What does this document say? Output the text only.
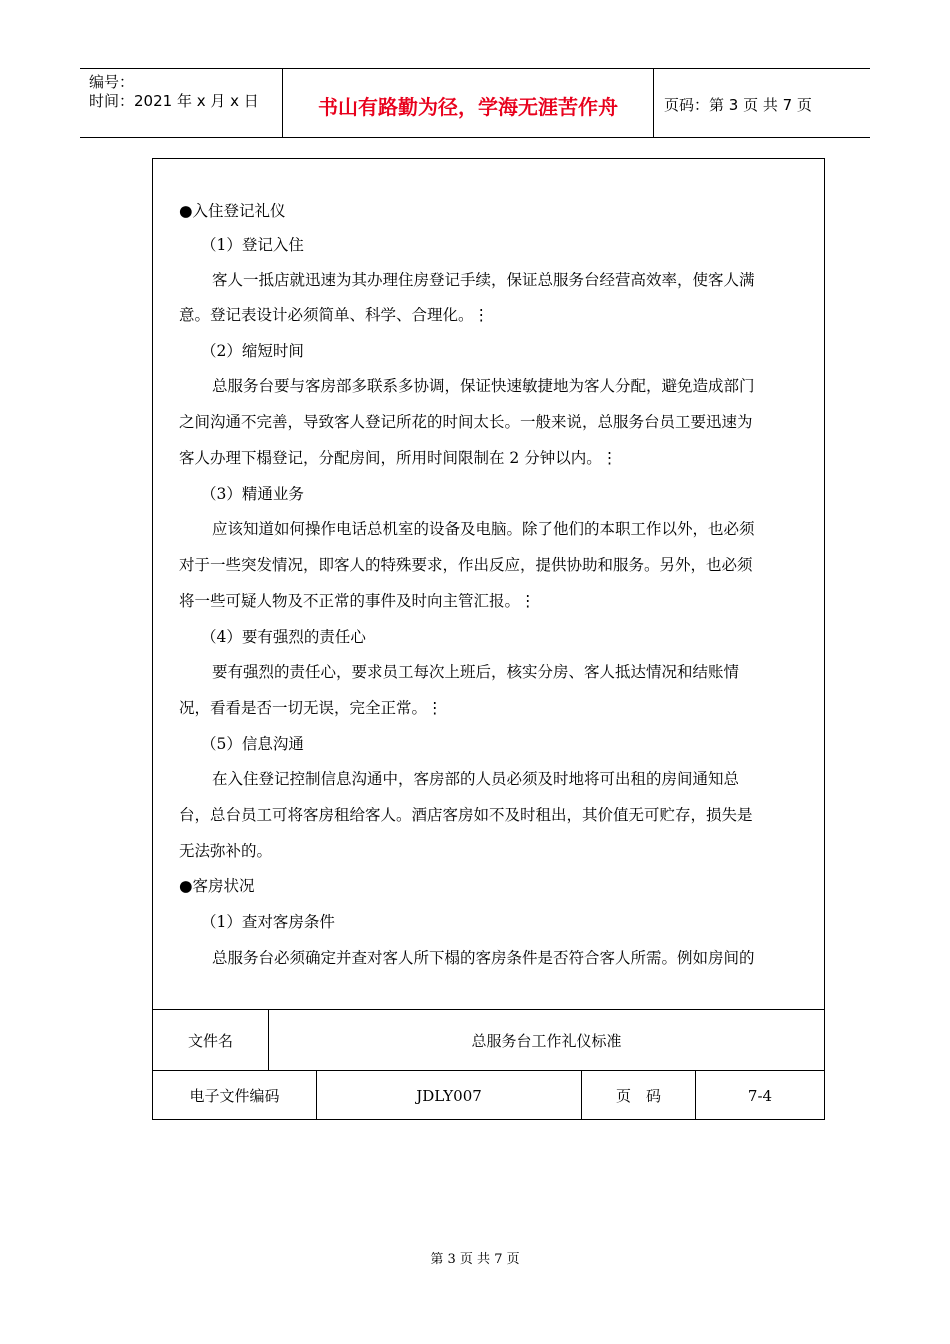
编号：
时间：2021 年 x 月 x 日	书山有路勤为径，学海无涯苦作舟	页码：第 3 页 共 7 页
●入住登记礼仪
（1）登记入住
客人一抵店就迅速为其办理住房登记手续，保证总服务台经营高效率，使客人满
意。登记表设计必须简单、科学、合理化。⋮
（2）缩短时间
总服务台要与客房部多联系多协调，保证快速敏捷地为客人分配，避免造成部门
之间沟通不完善，导致客人登记所花的时间太长。一般来说，总服务台员工要迅速为
客人办理下榻登记，分配房间，所用时间限制在 2 分钟以内。⋮
（3）精通业务
应该知道如何操作电话总机室的设备及电脑。除了他们的本职工作以外，也必须
对于一些突发情况，即客人的特殊要求，作出反应，提供协助和服务。另外，也必须
将一些可疑人物及不正常的事件及时向主管汇报。⋮
（4）要有强烈的责任心
要有强烈的责任心，要求员工每次上班后，核实分房、客人抵达情况和结账情
况，看看是否一切无误，完全正常。⋮
（5）信息沟通
在入住登记控制信息沟通中，客房部的人员必须及时地将可出租的房间通知总
台，总台员工可将客房租给客人。酒店客房如不及时租出，其价值无可贮存，损失是
无法弥补的。
●客房状况
（1）查对客房条件
总服务台必须确定并查对客人所下榻的客房条件是否符合客人所需。例如房间的
文件名	总服务台工作礼仪标准
电子文件编码	JDLY007	页　码	7-4
第 3 页 共 7 页
